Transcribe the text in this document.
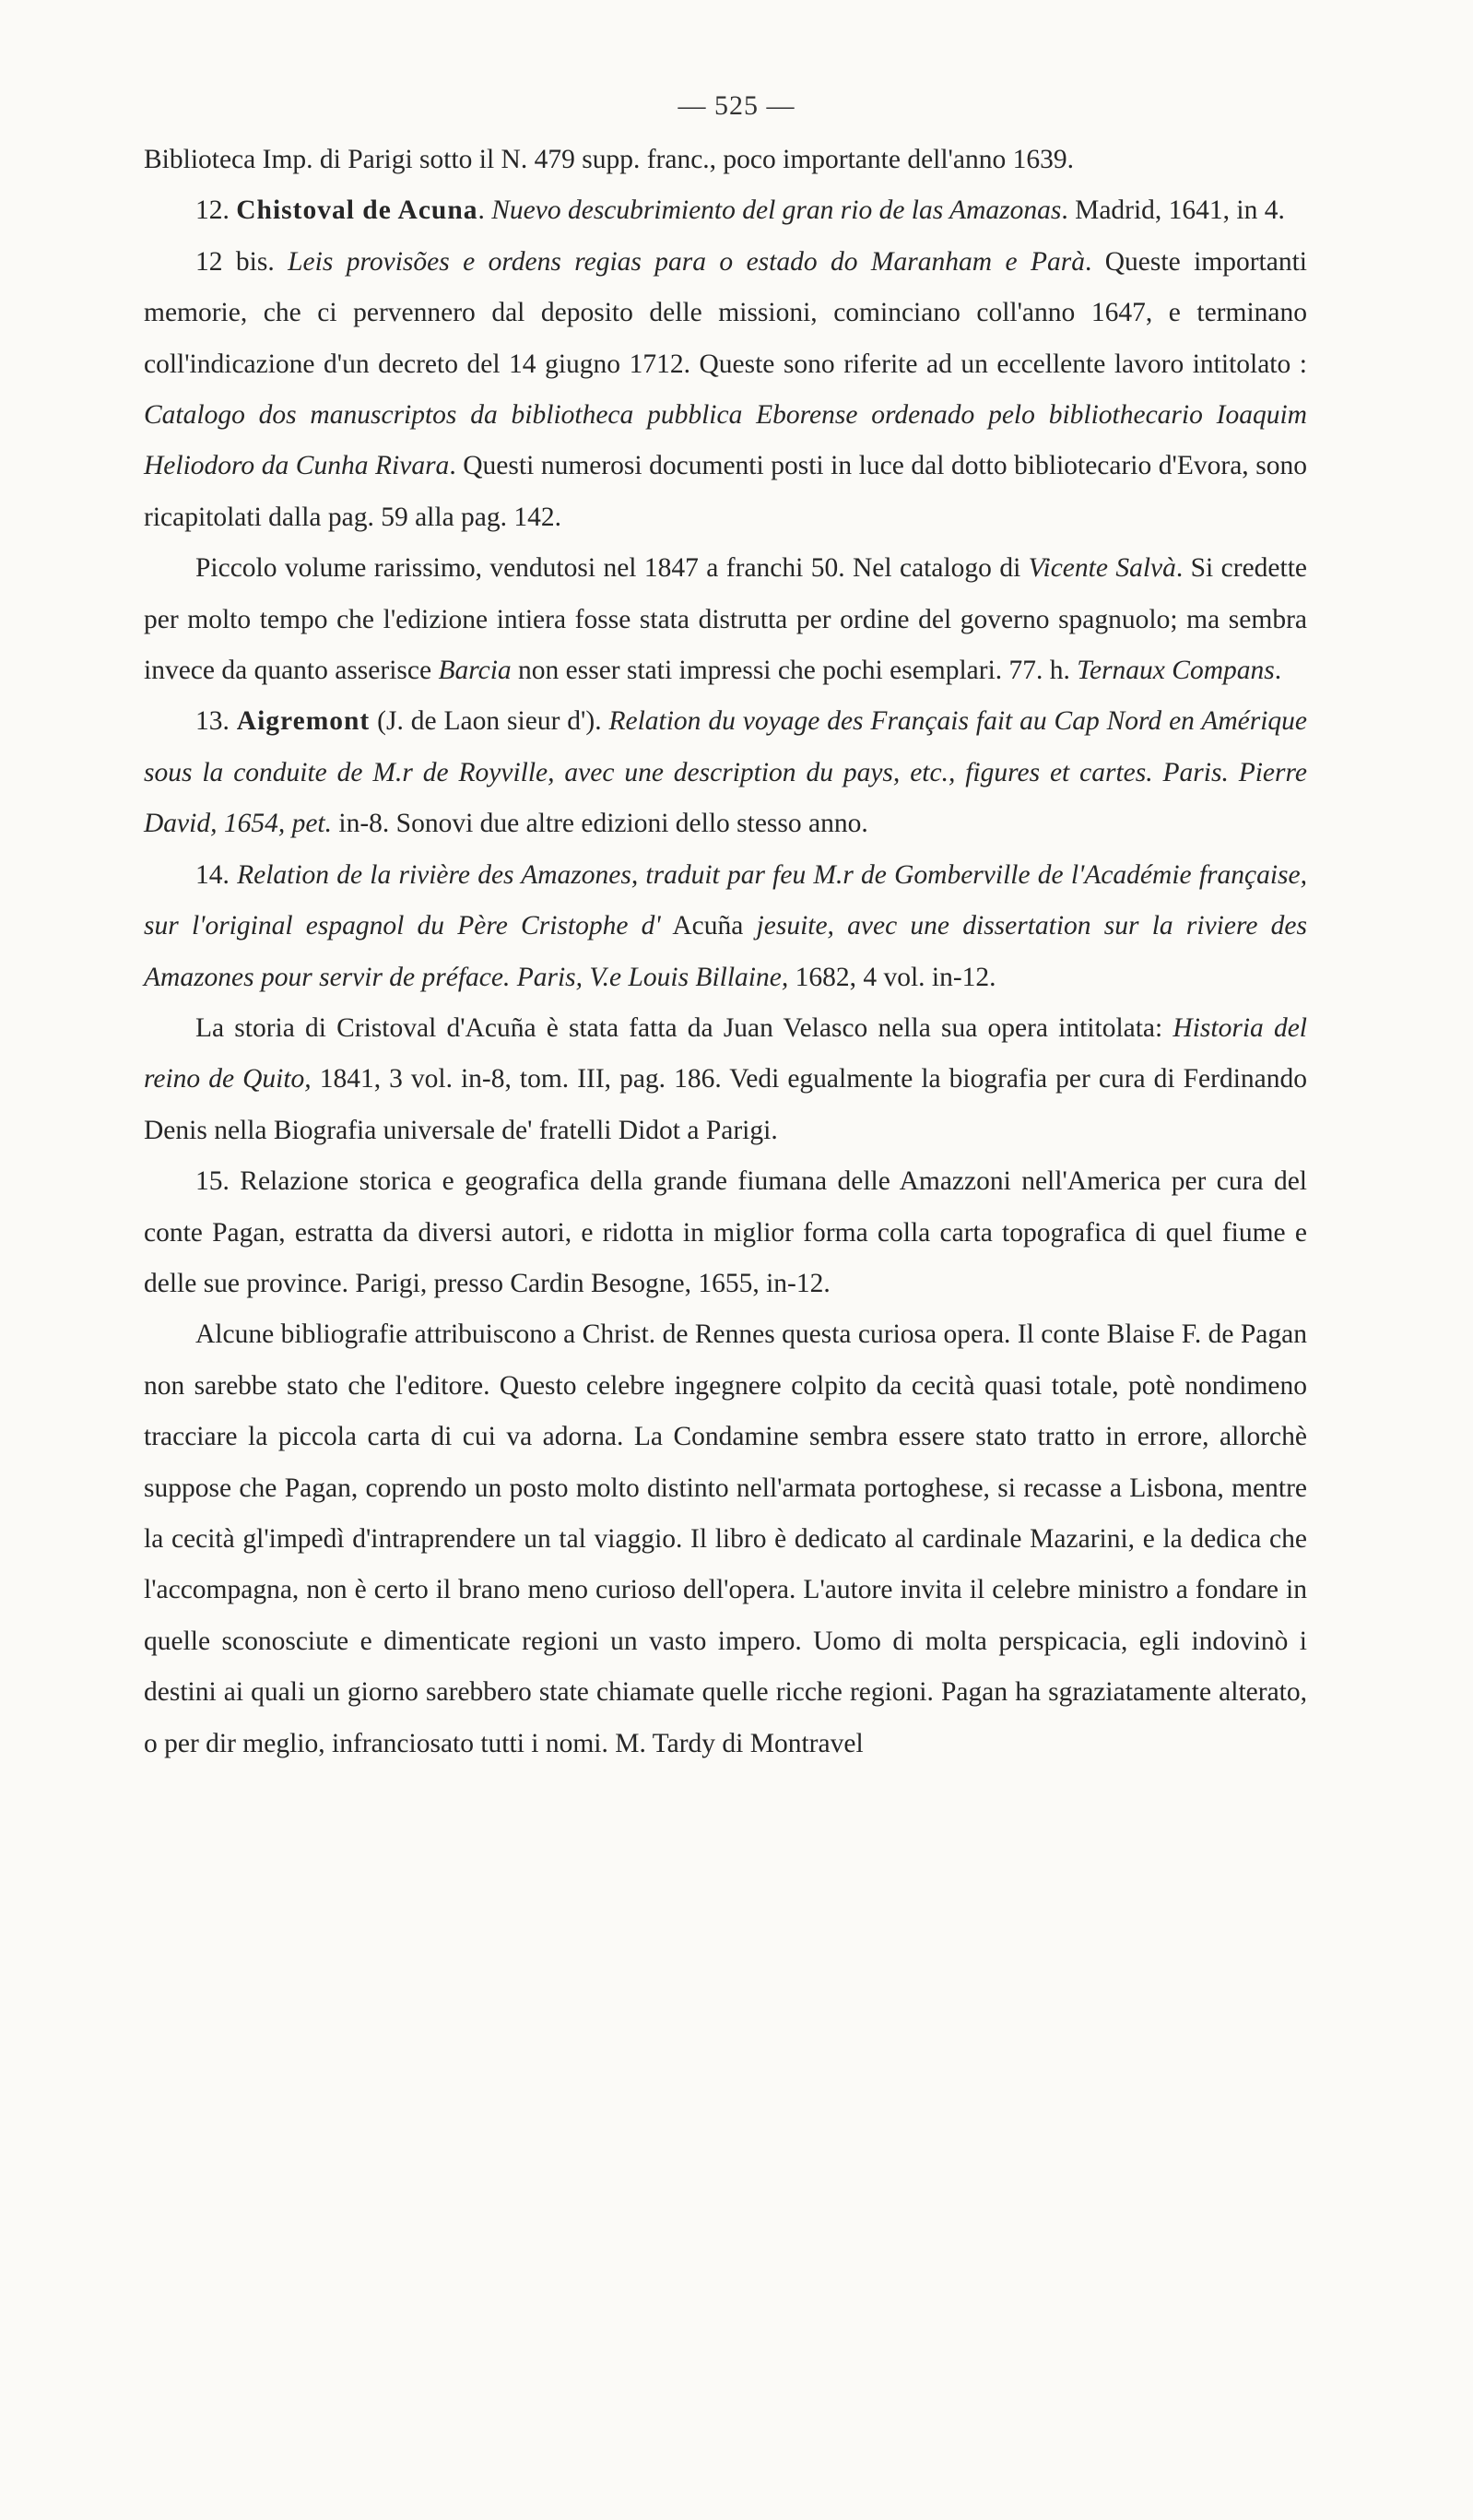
— 525 —

Biblioteca Imp. di Parigi sotto il N. 479 supp. franc., poco importante dell'anno 1639.

12. Chistoval de Acuna. Nuevo descubrimiento del gran rio de las Amazonas. Madrid, 1641, in 4.

12 bis. Leis provisões e ordens regias para o estado do Maranham e Parà. Queste importanti memorie, che ci pervennero dal deposito delle missioni, cominciano coll'anno 1647, e terminano coll'indicazione d'un decreto del 14 giugno 1712. Queste sono riferite ad un eccellente lavoro intitolato : Catalogo dos manuscriptos da bibliotheca pubblica Eborense ordenado pelo bibliothecario Ioaquim Heliodoro da Cunha Rivara. Questi numerosi documenti posti in luce dal dotto bibliotecario d'Evora, sono ricapitolati dalla pag. 59 alla pag. 142.

Piccolo volume rarissimo, vendutosi nel 1847 a franchi 50. Nel catalogo di Vicente Salvà. Si credette per molto tempo che l'edizione intiera fosse stata distrutta per ordine del governo spagnuolo; ma sembra invece da quanto asserisce Barcia non esser stati impressi che pochi esemplari. 77. h. Ternaux Compans.

13. Aigremont (J. de Laon sieur d'). Relation du voyage des Français fait au Cap Nord en Amérique sous la conduite de M.r de Royville, avec une description du pays, etc., figures et cartes. Paris. Pierre David, 1654, pet. in-8. Sonovi due altre edizioni dello stesso anno.

14. Relation de la rivière des Amazones, traduit par feu M.r de Gomberville de l'Académie française, sur l'original espagnol du Père Cristophe d' Acuña jesuite, avec une dissertation sur la riviere des Amazones pour servir de préface. Paris, V.e Louis Billaine, 1682, 4 vol. in-12.

La storia di Cristoval d'Acuña è stata fatta da Juan Velasco nella sua opera intitolata: Historia del reino de Quito, 1841, 3 vol. in-8, tom. III, pag. 186. Vedi egualmente la biografia per cura di Ferdinando Denis nella Biografia universale de' fratelli Didot a Parigi.

15. Relazione storica e geografica della grande fiumana delle Amazzoni nell'America per cura del conte Pagan, estratta da diversi autori, e ridotta in miglior forma colla carta topografica di quel fiume e delle sue province. Parigi, presso Cardin Besogne, 1655, in-12.

Alcune bibliografie attribuiscono a Christ. de Rennes questa curiosa opera. Il conte Blaise F. de Pagan non sarebbe stato che l'editore. Questo celebre ingegnere colpito da cecità quasi totale, potè nondimeno tracciare la piccola carta di cui va adorna. La Condamine sembra essere stato tratto in errore, allorchè suppose che Pagan, coprendo un posto molto distinto nell'armata portoghese, si recasse a Lisbona, mentre la cecità gl'impedì d'intraprendere un tal viaggio. Il libro è dedicato al cardinale Mazarini, e la dedica che l'accompagna, non è certo il brano meno curioso dell'opera. L'autore invita il celebre ministro a fondare in quelle sconosciute e dimenticate regioni un vasto impero. Uomo di molta perspicacia, egli indovinò i destini ai quali un giorno sarebbero state chiamate quelle ricche regioni. Pagan ha sgraziatamente alterato, o per dir meglio, infranciosato tutti i nomi. M. Tardy di Montravel
